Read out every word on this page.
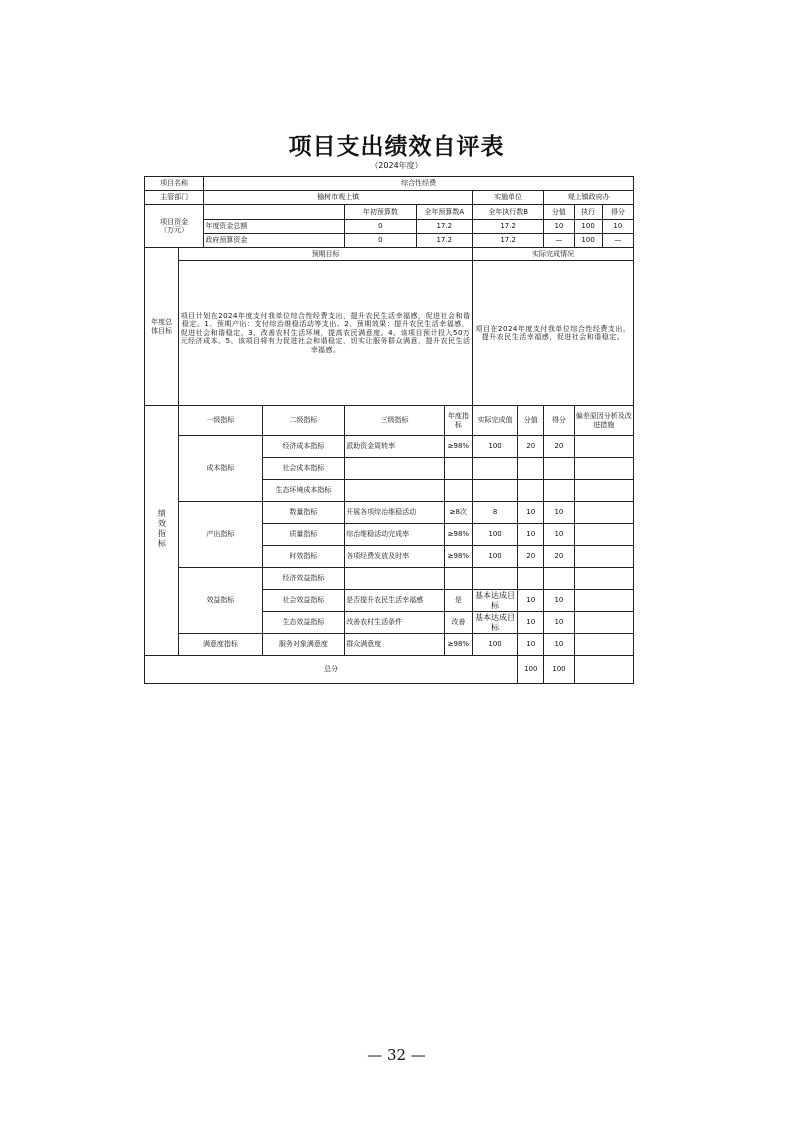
项目支出绩效自评表
（2024年度）
项目名称		综合性经费									
主管部门		榆树市观上镇					实施单位		观上镇政府办		
项目资金
（万元）				年初预算数	全年预算数A		全年执行数B		分值	执行	得分
		年度资金总额		0	17.2		17.2		10	100	10
		政府预算资金		0	17.2		17.2		—	100	—
年度总体目标	预期目标						实际完成情况				
	项目计划在2024年度支付我单位综合性经费支出，提升农民生活幸福感，促进社会和谐稳定。1、预期产出：支付综治维稳活动等支出。2、预期效果：提升农民生活幸福感，促进社会和谐稳定。3、改善农村生活环境，提高农民满意度。4、该项目预计投入50万元经济成本。5、该项目将有力促进社会和谐稳定，切实让服务群众满意，提升农民生活幸福感。						项目在2024年度支付我单位综合性经费支出，提升农民生活幸福感，促进社会和谐稳定。				
绩效指标	一级指标		二级指标	三级指标		年度指标	实际完成值	分值	得分	偏差原因分析及改进措施	
	成本指标		经济成本指标	派助资金周转率		≥98%	100	20	20		
			社会成本指标								
			生态环境成本指标								
	产出指标		数量指标	开展各项综治维稳活动		≥8次	8	10	10		
			质量指标	综治维稳活动完成率		≥98%	100	10	10		
			时效指标	各项经费发放及时率		≥98%	100	20	20		
	效益指标		经济效益指标								
			社会效益指标	是否提升农民生活幸福感		是	基本达成目标	10	10		
			生态效益指标	改善农村生活条件		改善	基本达成目标	10	10		
	满意度指标		服务对象满意度	群众满意度		≥98%	100	10	10		
总分								100	100		
— 32 —
